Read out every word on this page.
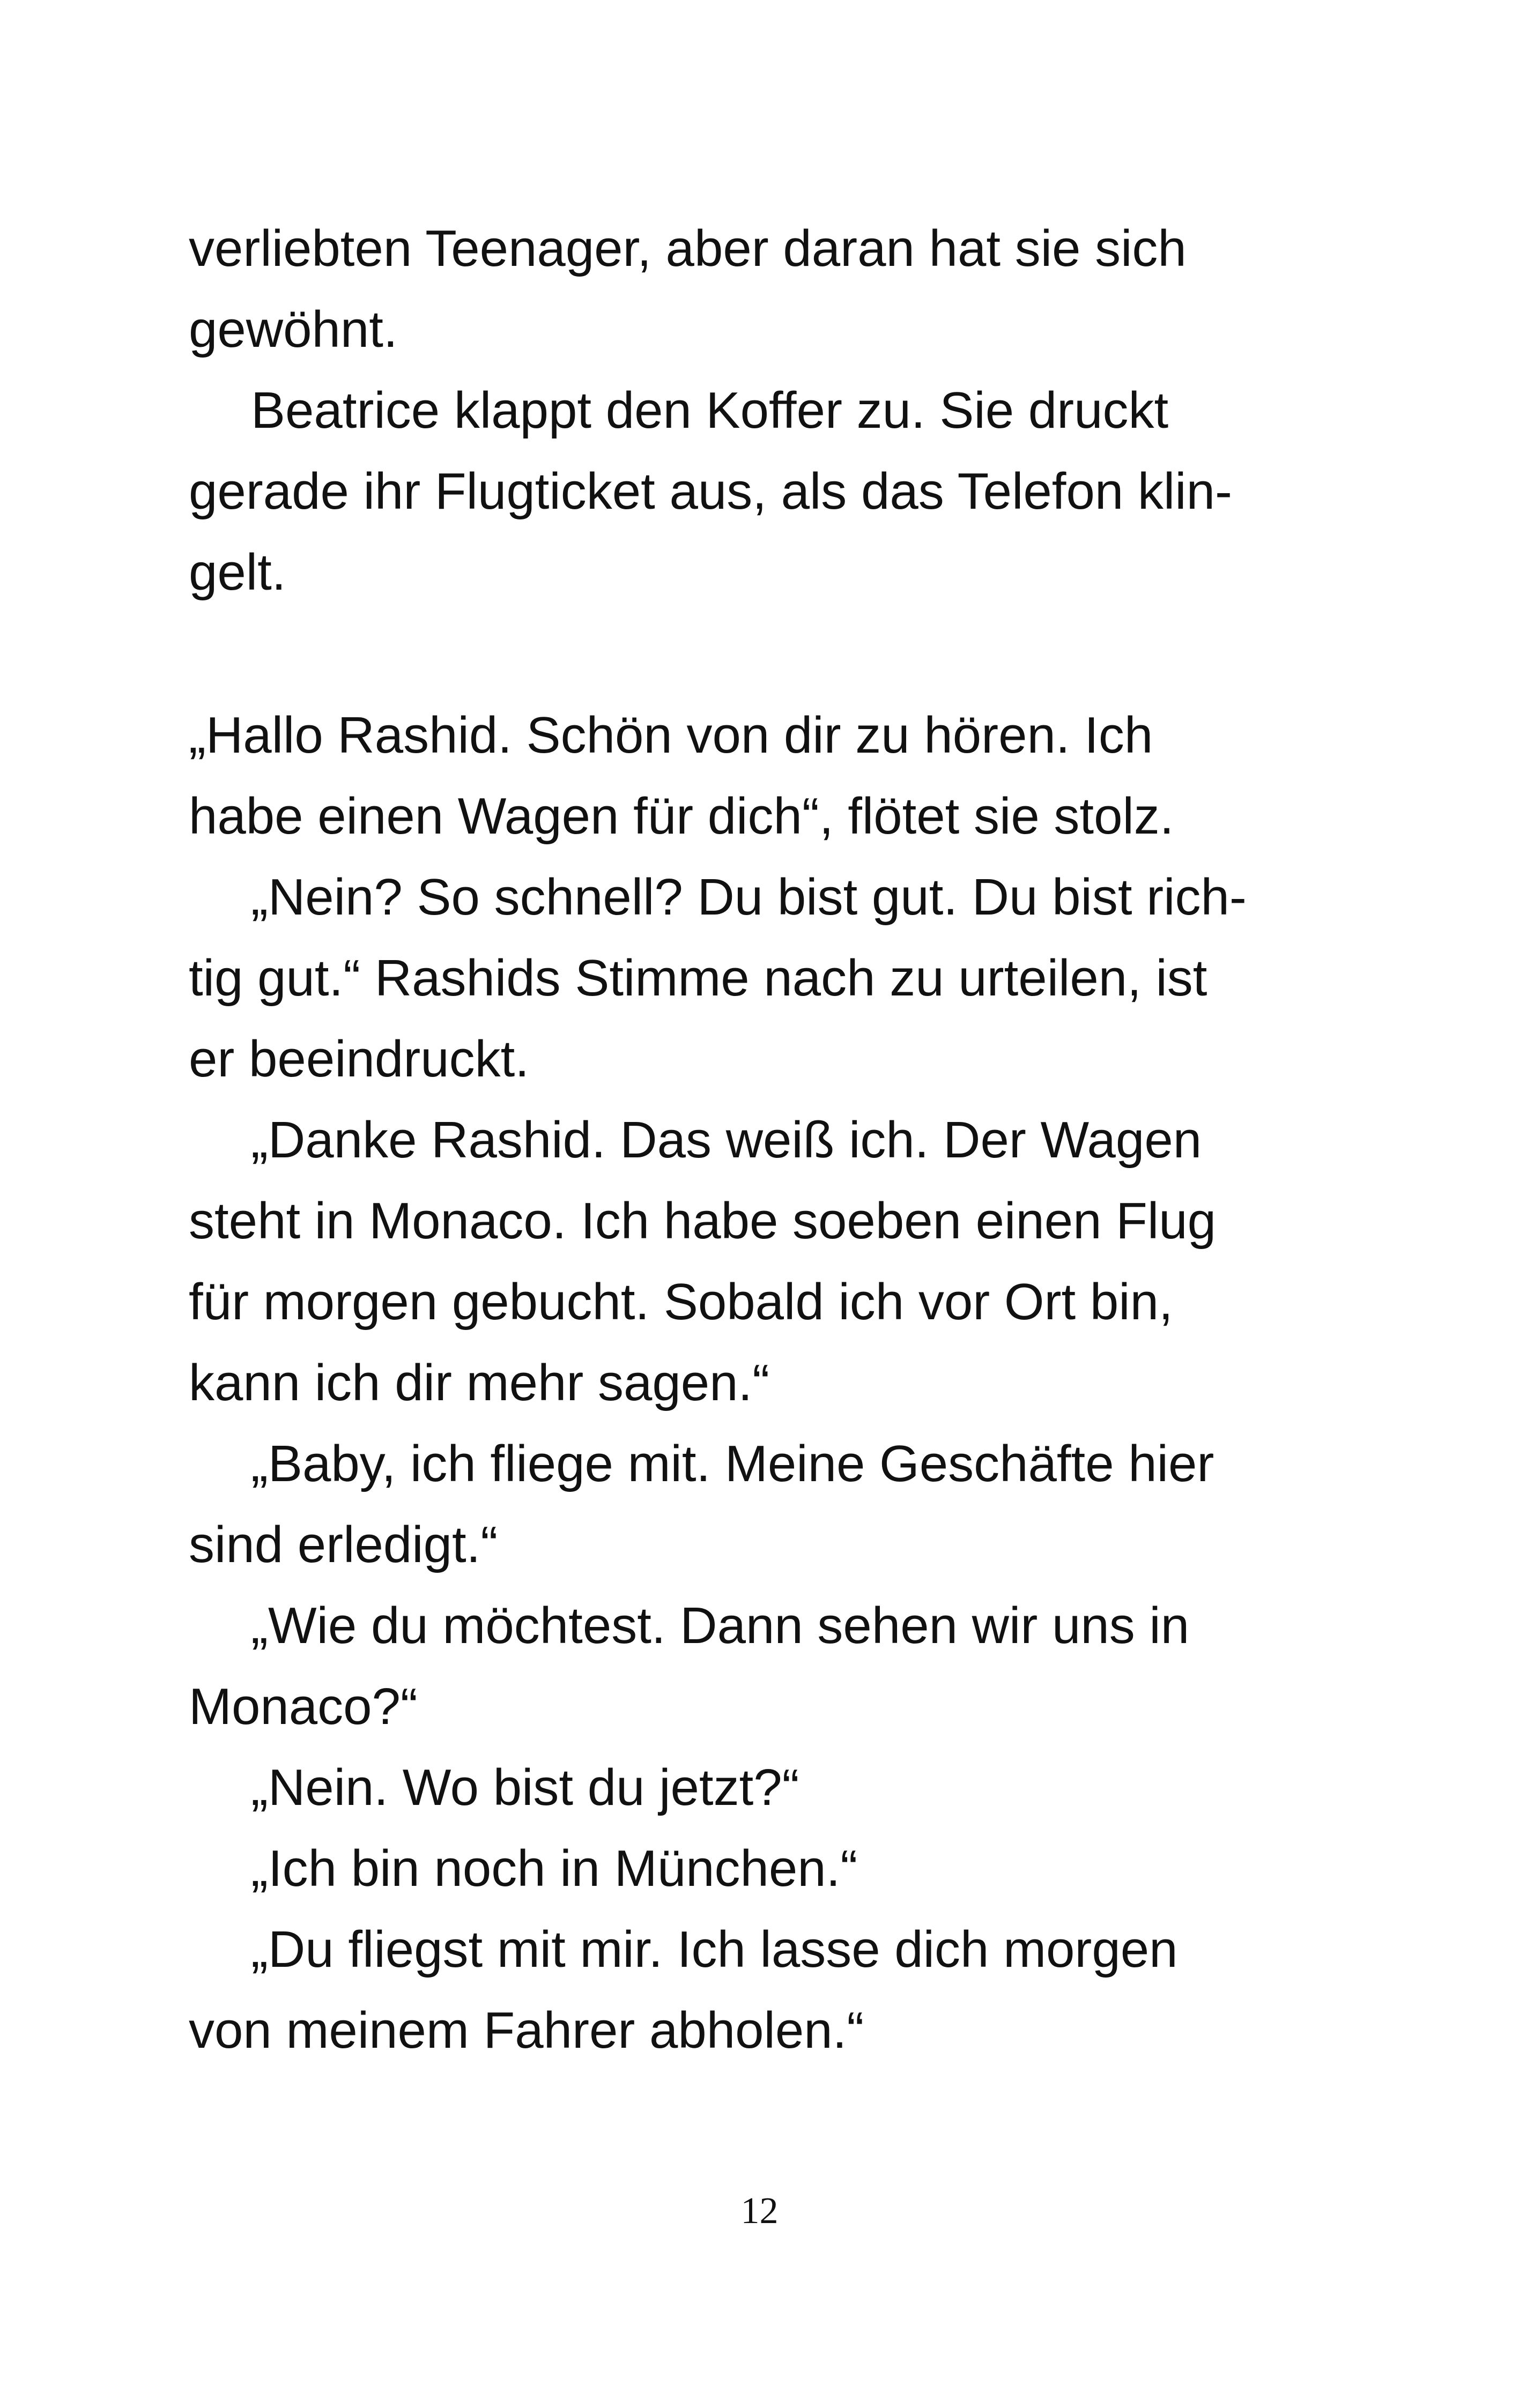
verliebten Teenager, aber daran hat sie sich
gewöhnt.
Beatrice klappt den Koffer zu. Sie druckt
gerade ihr Flugticket aus, als das Telefon klin-
gelt.
„Hallo Rashid. Schön von dir zu hören. Ich
habe einen Wagen für dich“, flötet sie stolz.
„Nein? So schnell? Du bist gut. Du bist rich-
tig gut.“ Rashids Stimme nach zu urteilen, ist
er beeindruckt.
„Danke Rashid. Das weiß ich. Der Wagen
steht in Monaco. Ich habe soeben einen Flug
für morgen gebucht. Sobald ich vor Ort bin,
kann ich dir mehr sagen.“
„Baby, ich fliege mit. Meine Geschäfte hier
sind erledigt.“
„Wie du möchtest. Dann sehen wir uns in
Monaco?“
„Nein. Wo bist du jetzt?“
„Ich bin noch in München.“
„Du fliegst mit mir. Ich lasse dich morgen
von meinem Fahrer abholen.“
12
